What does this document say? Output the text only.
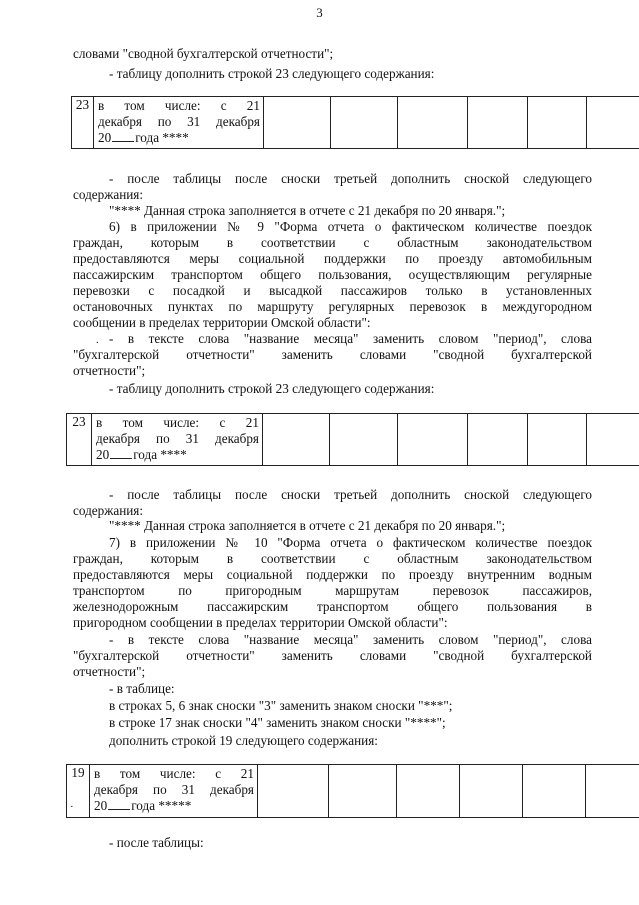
3
словами "сводной бухгалтерской отчетности";
- таблицу дополнить строкой 23 следующего содержания:
23	в том числе: с 21
декабря по 31 декабря
20 года ****

- после таблицы после сноски третьей дополнить сноской следующего
содержания:
"**** Данная строка заполняется в отчете с 21 декабря по 20 января.";
6) в приложении № 9 "Форма отчета о фактическом количестве поездок
граждан, которым в соответствии с областным законодательством
предоставляются меры социальной поддержки по проезду автомобильным
пассажирским транспортом общего пользования, осуществляющим регулярные
перевозки с посадкой и высадкой пассажиров только в установленных
остановочных пунктах по маршруту регулярных перевозок в междугородном
сообщении в пределах территории Омской области":
. - в тексте слова "название месяца" заменить словом "период", слова
"бухгалтерской отчетности" заменить словами "сводной бухгалтерской
отчетности";
- таблицу дополнить строкой 23 следующего содержания:
23	в том числе: с 21
декабря по 31 декабря
20 года ****

- после таблицы после сноски третьей дополнить сноской следующего
содержания:
"**** Данная строка заполняется в отчете с 21 декабря по 20 января.";
7) в приложении № 10 "Форма отчета о фактическом количестве поездок
граждан, которым в соответствии с областным законодательством
предоставляются меры социальной поддержки по проезду внутренним водным
транспортом по пригородным маршрутам перевозок пассажиров,
железнодорожным пассажирским транспортом общего пользования в
пригородном сообщении в пределах территории Омской области":
- в тексте слова "название месяца" заменить словом "период", слова
"бухгалтерской отчетности" заменить словами "сводной бухгалтерской
отчетности";
- в таблице:
в строках 5, 6 знак сноски "3" заменить знаком сноски "***";
в строке 17 знак сноски "4" заменить знаком сноски "****";
дополнить строкой 19 следующего содержания:
19	в том числе: с 21
декабря по 31 декабря
20 года *****

·
- после таблицы:
